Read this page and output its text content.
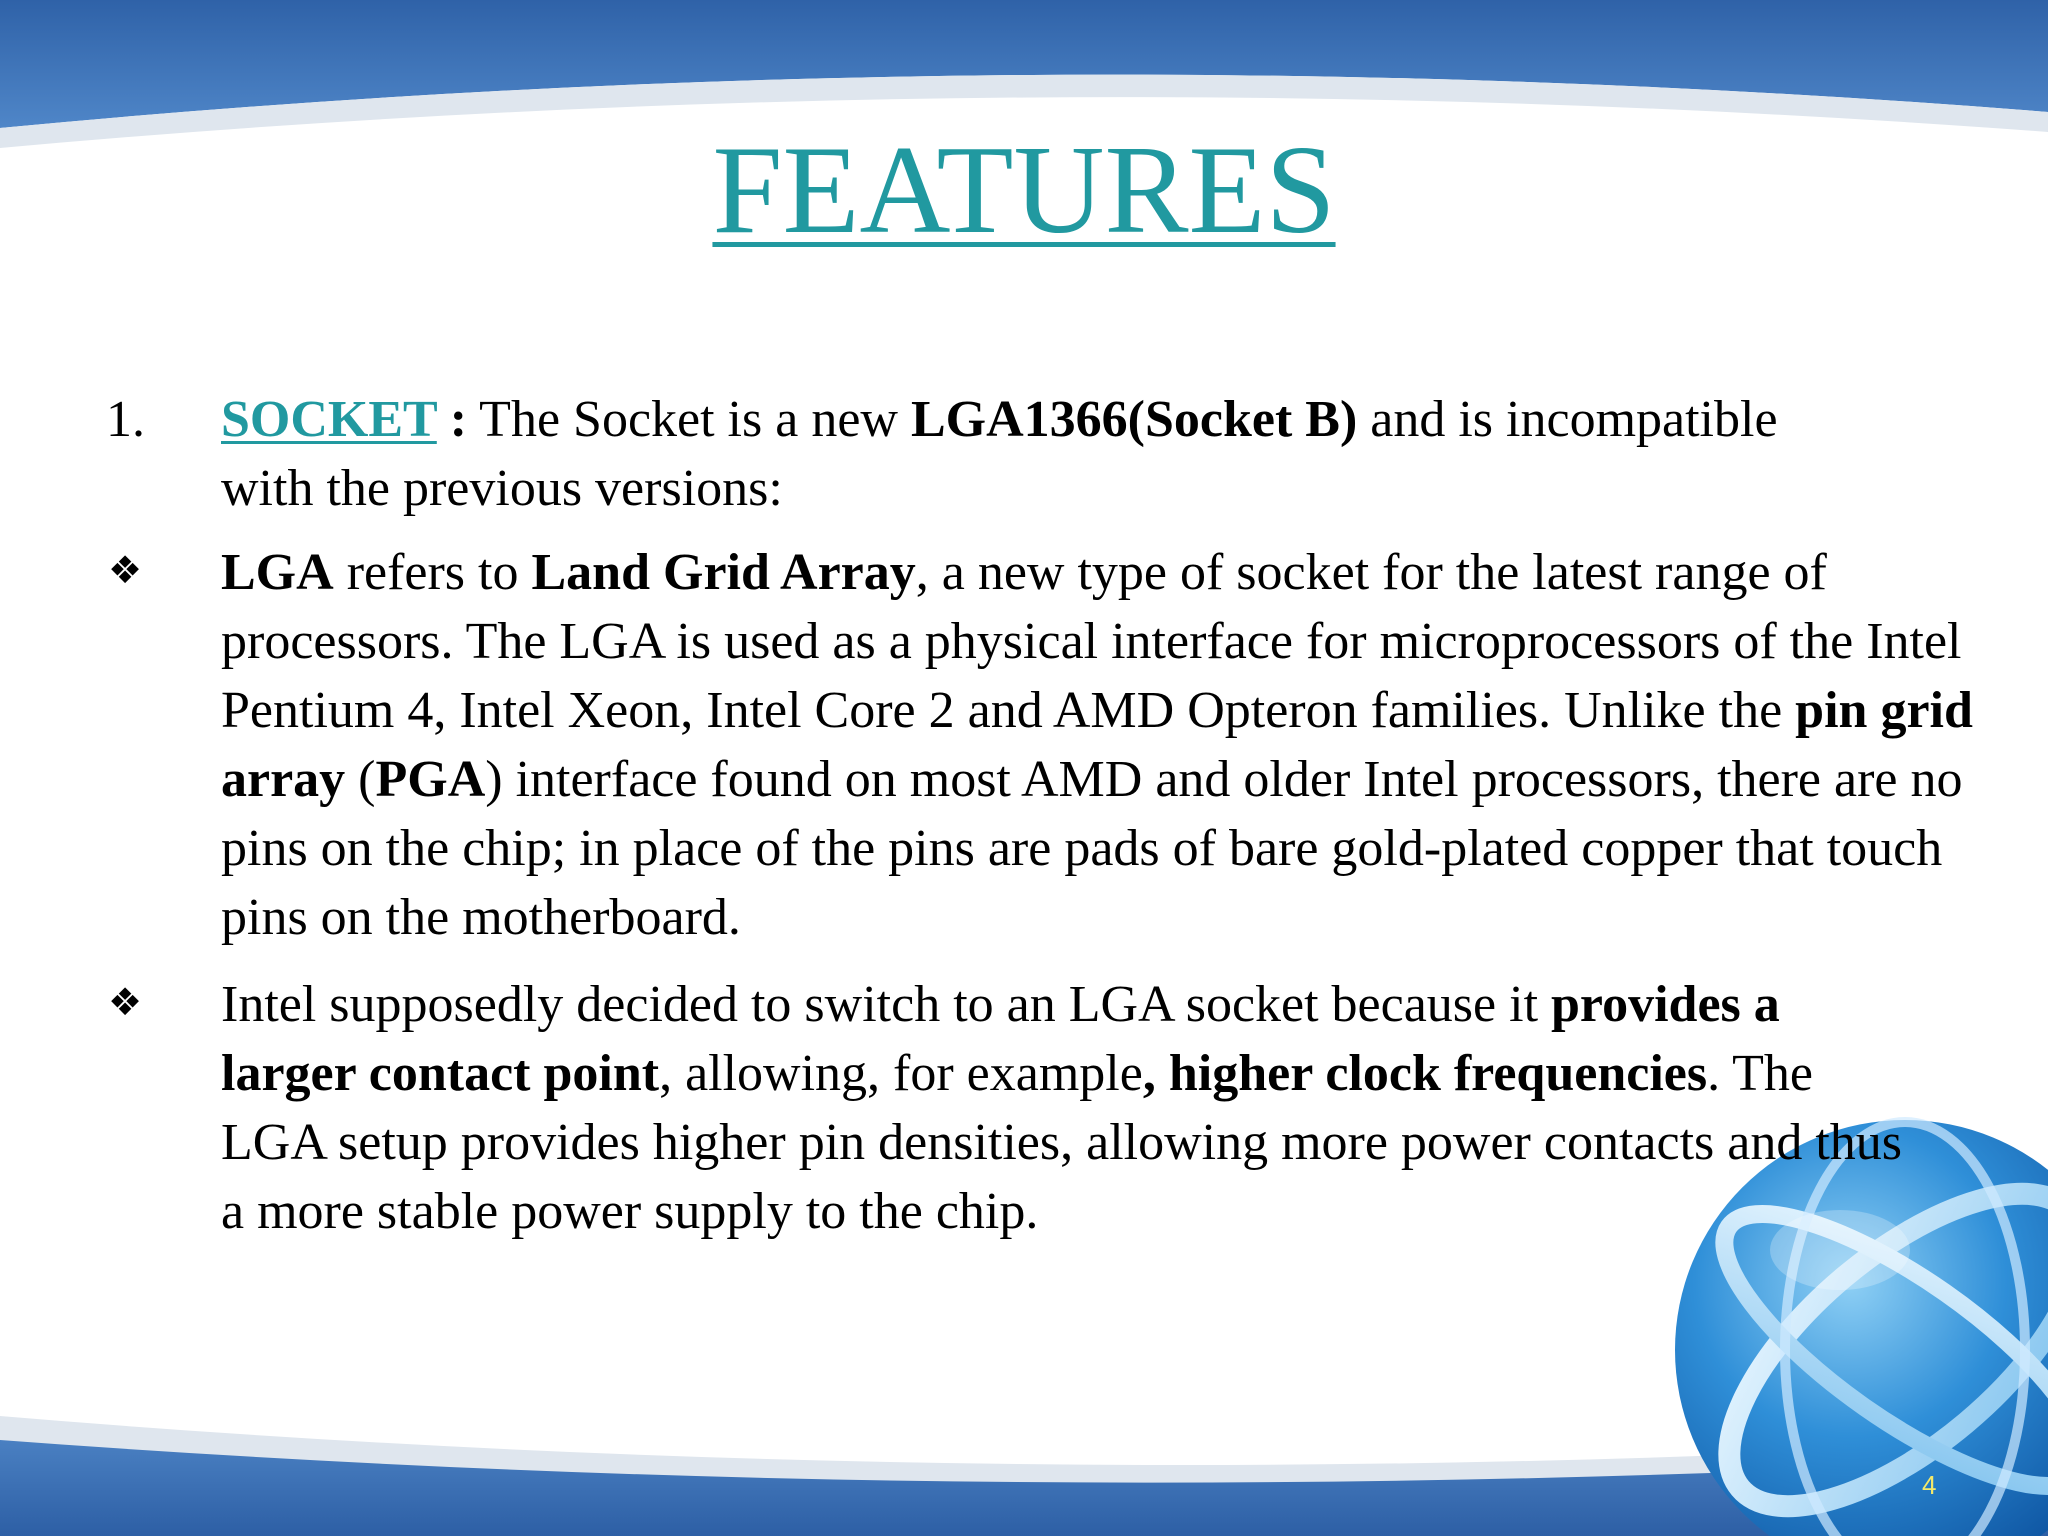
FEATURES
1.	SOCKET : The Socket is a new LGA1366(Socket B) and is incompatible
with the previous versions:
❖	LGA refers to Land Grid Array, a new type of socket for the latest range of processors. The LGA is used as a physical interface for microprocessors of the Intel Pentium 4, Intel Xeon, Intel Core 2 and AMD Opteron families. Unlike the pin grid array (PGA) interface found on most AMD and older Intel processors, there are no pins on the chip; in place of the pins are pads of bare gold-plated copper that touch pins on the motherboard.
❖	Intel supposedly decided to switch to an LGA socket because it provides a larger contact point, allowing, for example, higher clock frequencies. The LGA setup provides higher pin densities, allowing more power contacts and thus a more stable power supply to the chip.
4
